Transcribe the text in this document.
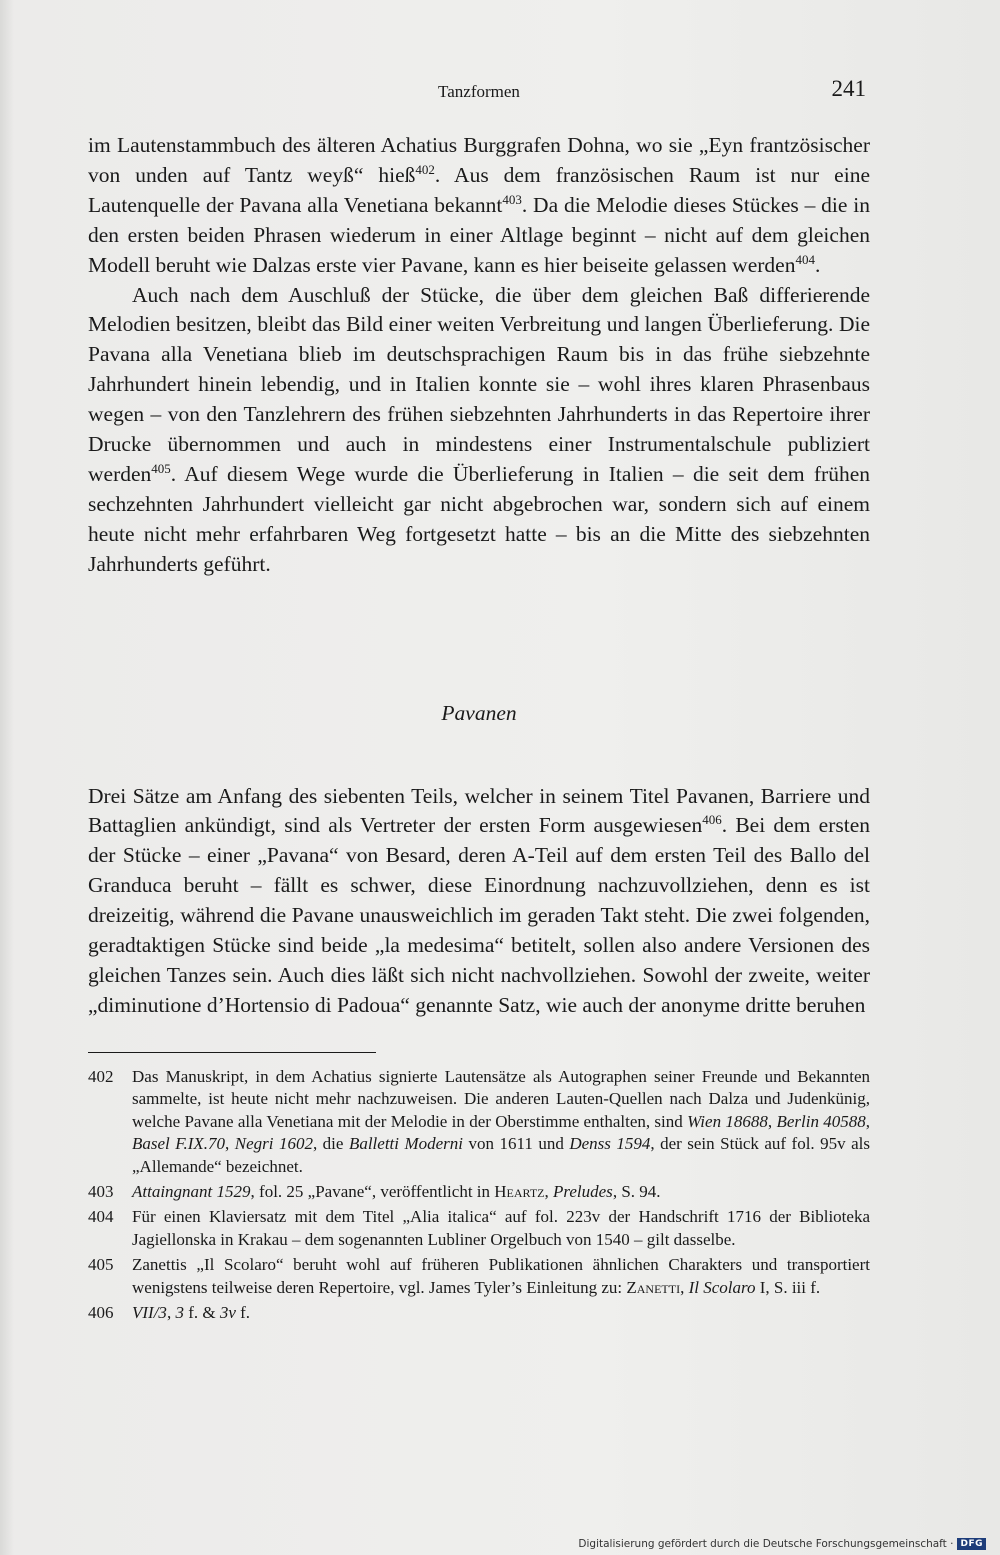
Tanzformen	241

im Lautenstammbuch des älteren Achatius Burggrafen Dohna, wo sie „Eyn frantzösischer von unden auf Tantz weyß“ hieß$^{402}$. Aus dem französischen Raum ist nur eine Lautenquelle der Pavana alla Venetiana bekannt$^{403}$. Da die Melodie dieses Stückes – die in den ersten beiden Phrasen wiederum in einer Altlage beginnt – nicht auf dem gleichen Modell beruht wie Dalzas erste vier Pavane, kann es hier beiseite gelassen werden$^{404}$.

Auch nach dem Auschluß der Stücke, die über dem gleichen Baß differierende Melodien besitzen, bleibt das Bild einer weiten Verbreitung und langen Überlieferung. Die Pavana alla Venetiana blieb im deutschsprachigen Raum bis in das frühe siebzehnte Jahrhundert hinein lebendig, und in Italien konnte sie – wohl ihres klaren Phrasenbaus wegen – von den Tanzlehrern des frühen siebzehnten Jahrhunderts in das Repertoire ihrer Drucke übernommen und auch in mindestens einer Instrumentalschule publiziert werden$^{405}$. Auf diesem Wege wurde die Überlieferung in Italien – die seit dem frühen sechzehnten Jahrhundert vielleicht gar nicht abgebrochen war, sondern sich auf einem heute nicht mehr erfahrbaren Weg fortgesetzt hatte – bis an die Mitte des siebzehnten Jahrhunderts geführt.

Pavanen

Drei Sätze am Anfang des siebenten Teils, welcher in seinem Titel Pavanen, Barriere und Battaglien ankündigt, sind als Vertreter der ersten Form ausgewiesen$^{406}$. Bei dem ersten der Stücke – einer „Pavana“ von Besard, deren A-Teil auf dem ersten Teil des Ballo del Granduca beruht – fällt es schwer, diese Einordnung nachzuvollziehen, denn es ist dreizeitig, während die Pavane unausweichlich im geraden Takt steht. Die zwei folgenden, geradtaktigen Stücke sind beide „la medesima“ betitelt, sollen also andere Versionen des gleichen Tanzes sein. Auch dies läßt sich nicht nachvollziehen. Sowohl der zweite, weiter „diminutione d’Hortensio di Padoua“ genannte Satz, wie auch der anonyme dritte beruhen

402	Das Manuskript, in dem Achatius signierte Lautensätze als Autographen seiner Freunde und Bekannten sammelte, ist heute nicht mehr nachzuweisen. Die anderen Lauten-Quellen nach Dalza und Judenkünig, welche Pavane alla Venetiana mit der Melodie in der Oberstimme enthalten, sind Wien 18688, Berlin 40588, Basel F.IX.70, Negri 1602, die Balletti Moderni von 1611 und Denss 1594, der sein Stück auf fol. 95v als „Allemande“ bezeichnet.
403	Attaingnant 1529, fol. 25 „Pavane“, veröffentlicht in Heartz, Preludes, S. 94.
404	Für einen Klaviersatz mit dem Titel „Alia italica“ auf fol. 223v der Handschrift 1716 der Biblioteka Jagiellonska in Krakau – dem sogenannten Lubliner Orgelbuch von 1540 – gilt dasselbe.
405	Zanettis „Il Scolaro“ beruht wohl auf früheren Publikationen ähnlichen Charakters und transportiert wenigstens teilweise deren Repertoire, vgl. James Tyler’s Einleitung zu: Zanetti, Il Scolaro I, S. iii f.
406	VII/3, 3 f. & 3v f.
Digitalisierung gefördert durch die Deutsche Forschungsgemeinschaft · DFG
